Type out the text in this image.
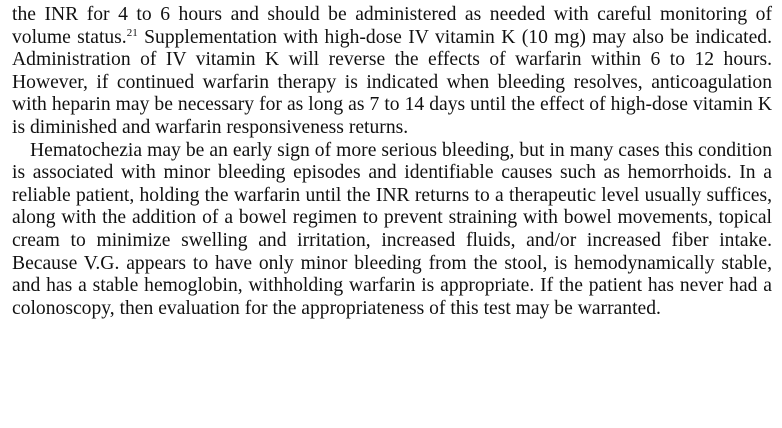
the INR for 4 to 6 hours and should be administered as needed with careful monitoring of volume status.$^{21}$ Supplementation with high-dose IV vitamin K (10 mg) may also be indicated. Administration of IV vitamin K will reverse the effects of warfarin within 6 to 12 hours. However, if continued warfarin therapy is indicated when bleeding resolves, anticoagulation with heparin may be necessary for as long as 7 to 14 days until the effect of high-dose vitamin K is diminished and warfarin responsiveness returns.

Hematochezia may be an early sign of more serious bleeding, but in many cases this condition is associated with minor bleeding episodes and identifiable causes such as hemorrhoids. In a reliable patient, holding the warfarin until the INR returns to a therapeutic level usually suffices, along with the addition of a bowel regimen to prevent straining with bowel movements, topical cream to minimize swelling and irritation, increased fluids, and/or increased fiber intake. Because V.G. appears to have only minor bleeding from the stool, is hemodynamically stable, and has a stable hemoglobin, withholding warfarin is appropriate. If the patient has never had a colonoscopy, then evaluation for the appropriateness of this test may be warranted.
